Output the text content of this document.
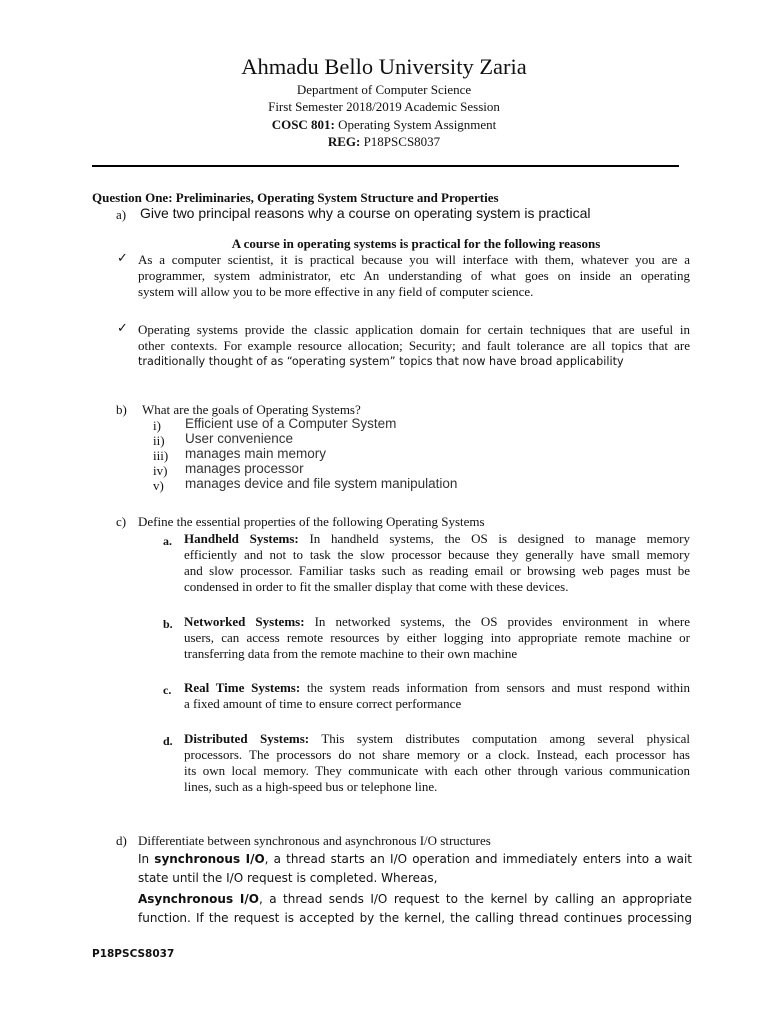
Ahmadu Bello University Zaria
Department of Computer Science
First Semester 2018/2019 Academic Session
COSC 801: Operating System Assignment
REG: P18PSCS8037
Question One: Preliminaries, Operating System Structure and Properties
a) Give two principal reasons why a course on operating system is practical
A course in operating systems is practical for the following reasons
✓ As a computer scientist, it is practical because you will interface with them, whatever you are a
programmer, system administrator, etc An understanding of what goes on inside an operating
system will allow you to be more effective in any field of computer science.
✓ Operating systems provide the classic application domain for certain techniques that are useful in
other contexts. For example resource allocation; Security; and fault tolerance are all topics that are
traditionally thought of as “operating system” topics that now have broad applicability
b) What are the goals of Operating Systems?
i) Efficient use of a Computer System
ii) User convenience
iii) manages main memory
iv) manages processor
v) manages device and file system manipulation
c) Define the essential properties of the following Operating Systems
a. Handheld Systems: In handheld systems, the OS is designed to manage memory
efficiently and not to task the slow processor because they generally have small memory
and slow processor. Familiar tasks such as reading email or browsing web pages must be
condensed in order to fit the smaller display that come with these devices.
b. Networked Systems: In networked systems, the OS provides environment in where
users, can access remote resources by either logging into appropriate remote machine or
transferring data from the remote machine to their own machine
c. Real Time Systems: the system reads information from sensors and must respond within
a fixed amount of time to ensure correct performance
d. Distributed Systems: This system distributes computation among several physical
processors. The processors do not share memory or a clock. Instead, each processor has
its own local memory. They communicate with each other through various communication
lines, such as a high-speed bus or telephone line.
d) Differentiate between synchronous and asynchronous I/O structures
In synchronous I/O, a thread starts an I/O operation and immediately enters into a wait
state until the I/O request is completed. Whereas,
Asynchronous I/O, a thread sends I/O request to the kernel by calling an appropriate
function. If the request is accepted by the kernel, the calling thread continues processing
P18PSCS8037
